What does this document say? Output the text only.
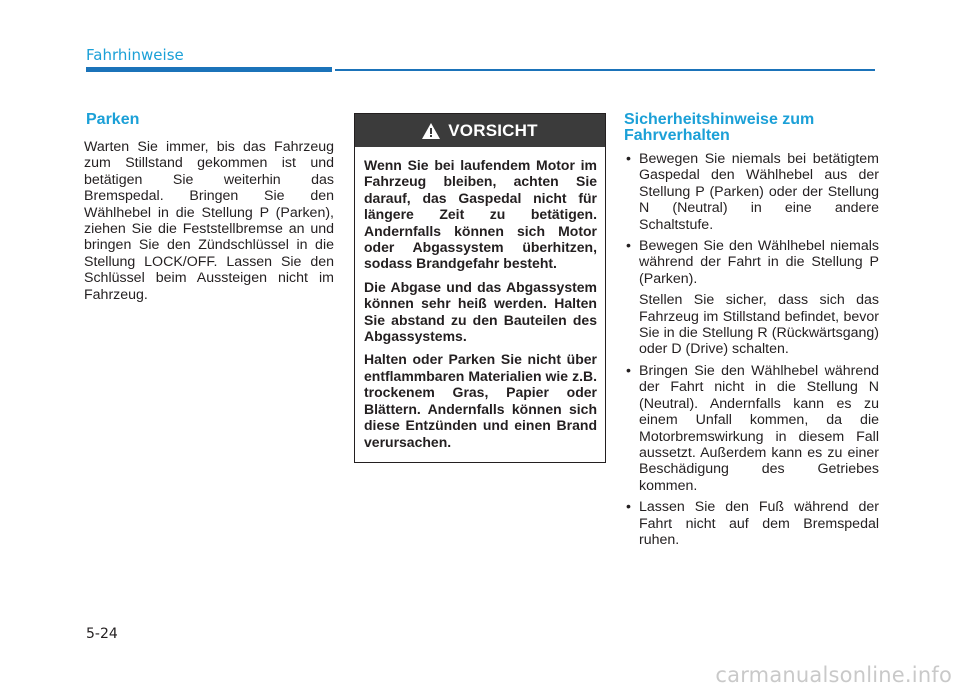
Fahrhinweise
Parken
Warten Sie immer, bis das Fahrzeug zum Stillstand gekommen ist und betätigen Sie weiterhin das Bremspedal. Bringen Sie den Wählhebel in die Stellung P (Parken), ziehen Sie die Feststellbremse an und bringen Sie den Zündschlüssel in die Stellung LOCK/OFF. Lassen Sie den Schlüssel beim Aussteigen nicht im Fahrzeug.
VORSICHT

Wenn Sie bei laufendem Motor im Fahrzeug bleiben, achten Sie darauf, das Gaspedal nicht für längere Zeit zu betätigen. Andernfalls können sich Motor oder Abgassystem überhitzen, sodass Brandgefahr besteht.

Die Abgase und das Abgassystem können sehr heiß werden. Halten Sie abstand zu den Bauteilen des Abgassystems.

Halten oder Parken Sie nicht über entflammbaren Materialien wie z.B. trockenem Gras, Papier oder Blättern. Andernfalls können sich diese Entzünden und einen Brand verursachen.

Sicherheitshinweise zum
Fahrverhalten
• Bewegen Sie niemals bei betätigtem Gaspedal den Wählhebel aus der Stellung P (Parken) oder der Stellung N (Neutral) in eine andere Schaltstufe.

• Bewegen Sie den Wählhebel niemals während der Fahrt in die Stellung P (Parken).

Stellen Sie sicher, dass sich das Fahrzeug im Stillstand befindet, bevor Sie in die Stellung R (Rückwärtsgang) oder D (Drive) schalten.

• Bringen Sie den Wählhebel während der Fahrt nicht in die Stellung N (Neutral). Andernfalls kann es zu einem Unfall kommen, da die Motorbremswirkung in diesem Fall aussetzt. Außerdem kann es zu einer Beschädigung des Getriebes kommen.

• Lassen Sie den Fuß während der Fahrt nicht auf dem Bremspedal ruhen.

5-24
carmanualsonline.info
